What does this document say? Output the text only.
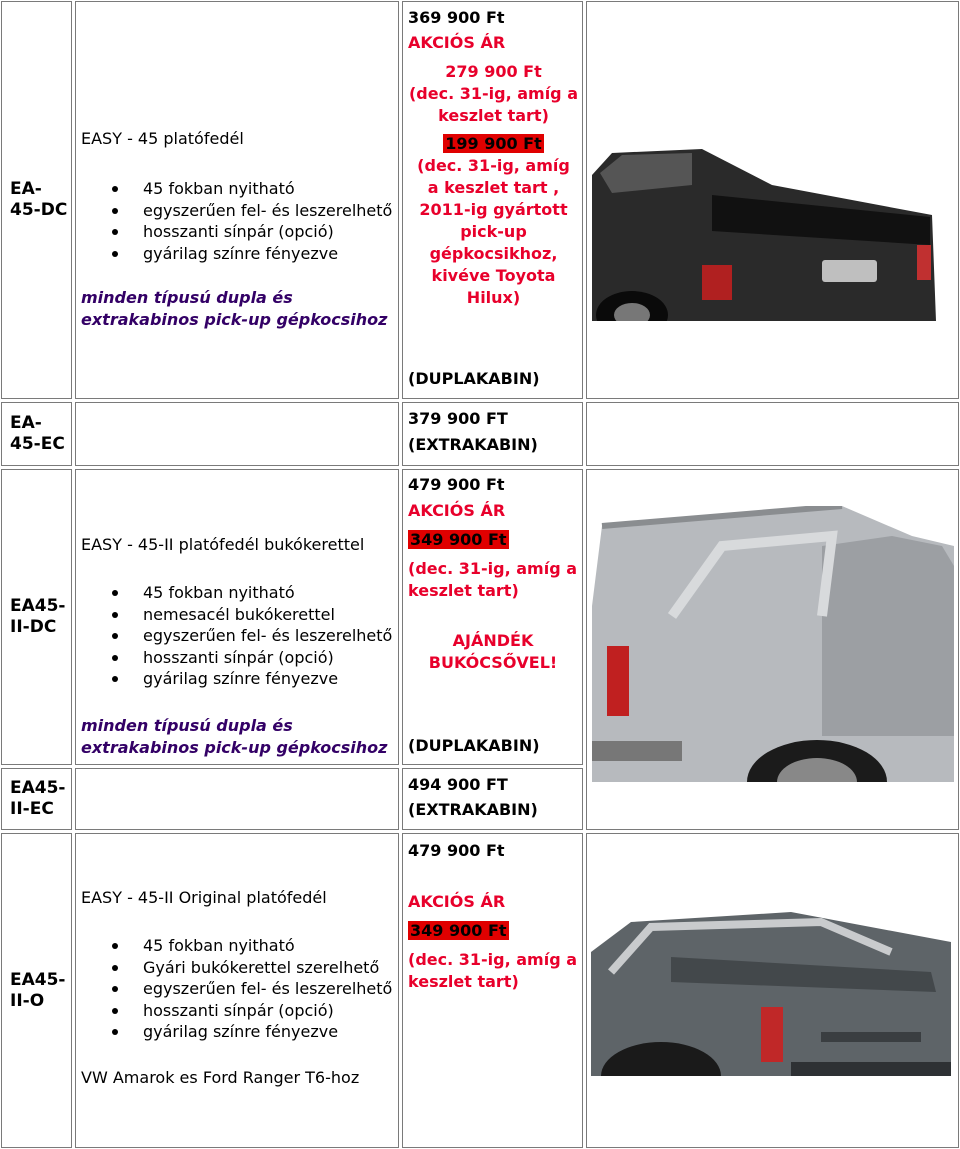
EA-
45-DC
EASY - 45 platófedél
45 fokban nyitható
egyszerűen fel- és leszerelhető
hosszanti sínpár (opció)
gyárilag színre fényezve
minden típusú dupla és extrakabinos pick-up gépkocsihoz
369 900 Ft
AKCIÓS ÁR
279 900 Ft
(dec. 31-ig, amíg a keszlet tart)
199 900 Ft
(dec. 31-ig, amíg a keszlet tart , 2011-ig gyártott pick-up gépkocsikhoz, kivéve Toyota Hilux)
(DUPLAKABIN)
EA-
45-EC
379 900 FT
(EXTRAKABIN)
EA45-
II-DC
EASY - 45-II platófedél bukókerettel
45 fokban nyitható
nemesacél bukókerettel
egyszerűen fel- és leszerelhető
hosszanti sínpár (opció)
gyárilag színre fényezve
minden típusú dupla és extrakabinos pick-up gépkocsihoz
479 900 Ft
AKCIÓS ÁR
349 900 Ft
(dec. 31-ig, amíg a keszlet tart)
AJÁNDÉK BUKÓCSŐVEL!
(DUPLAKABIN)
EA45-
II-EC
494 900 FT
(EXTRAKABIN)
EA45-
II-O
EASY - 45-II Original platófedél
45 fokban nyitható
Gyári bukókerettel szerelhető
egyszerűen fel- és leszerelhető
hosszanti sínpár (opció)
gyárilag színre fényezve
VW Amarok es Ford Ranger T6-hoz
479 900 Ft
AKCIÓS ÁR
349 900 Ft
(dec. 31-ig, amíg a keszlet tart)
